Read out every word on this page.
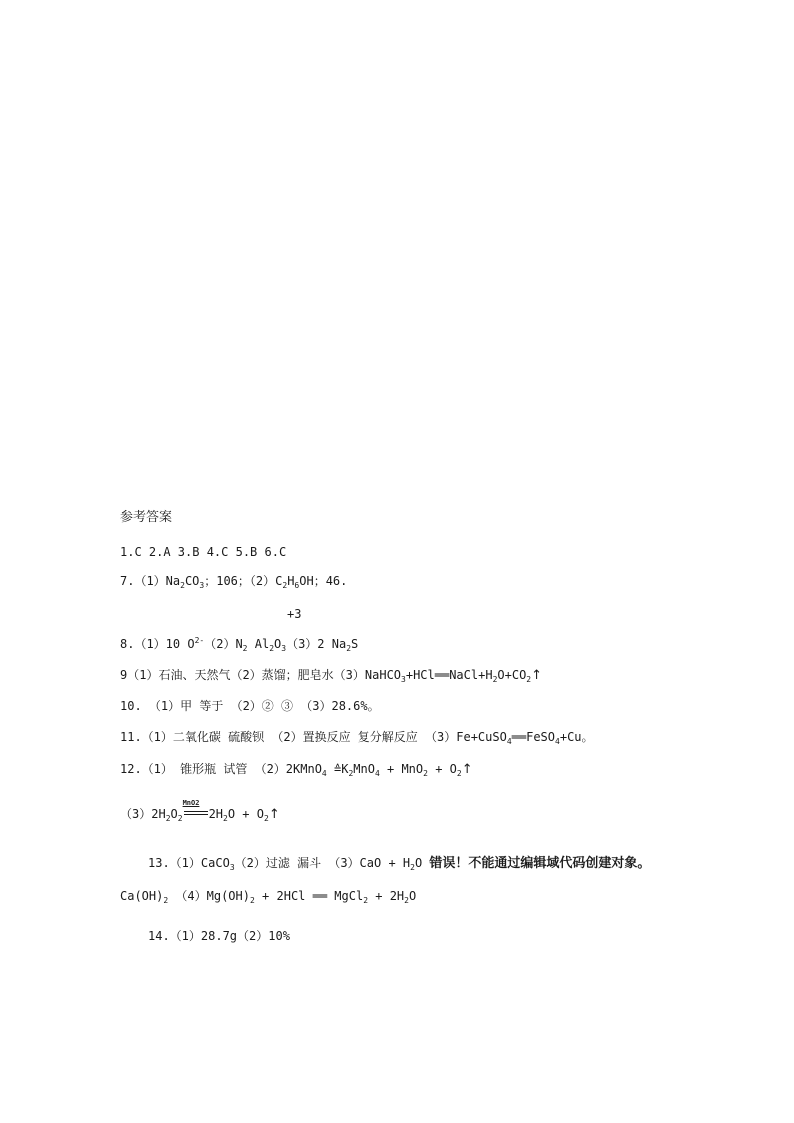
参考答案
1.C 2.A 3.B 4.C 5.B 6.C
$7.(1)Na_2CO_3$；106；$(2)C_2H_6OH$；46.
+3
8.（1）10 $O^{2-}(2)N_2$ $Al_2O_3(3)2$ $Na_2S$
9（1）石油、天然气（2）蒸馏；肥皂水$(3)NaHCO_3+HCl══NaCl+H_2O+CO_2↑$
10. （1）甲 等于 （2）② ③ （3）28.6%。
11.（1）二氧化碳 硫酸钡 （2）置换反应 复分解反应 （3）Fe+CuSO$_4$══FeSO$_4$+Cu。
12.（1） 锥形瓶 试管 （2）2KMnO$_4$ $≙K_2MnO_4 + MnO_2$ + $O_2↑$
$(3)2H_2O_2$
MnO2
$2H_2O$ + $O_2↑$
13.（1）CaCO$_3$（2）过滤 漏斗 $(3)CaO + H_2O$ 错误！不能通过编辑域代码创建对象。
$Ca(OH)_2$ $(4)Mg(OH)_2 + 2HCl$ ══ MgCl$_2$ + $2H_2O$
14.（1）28.7g（2）10%
